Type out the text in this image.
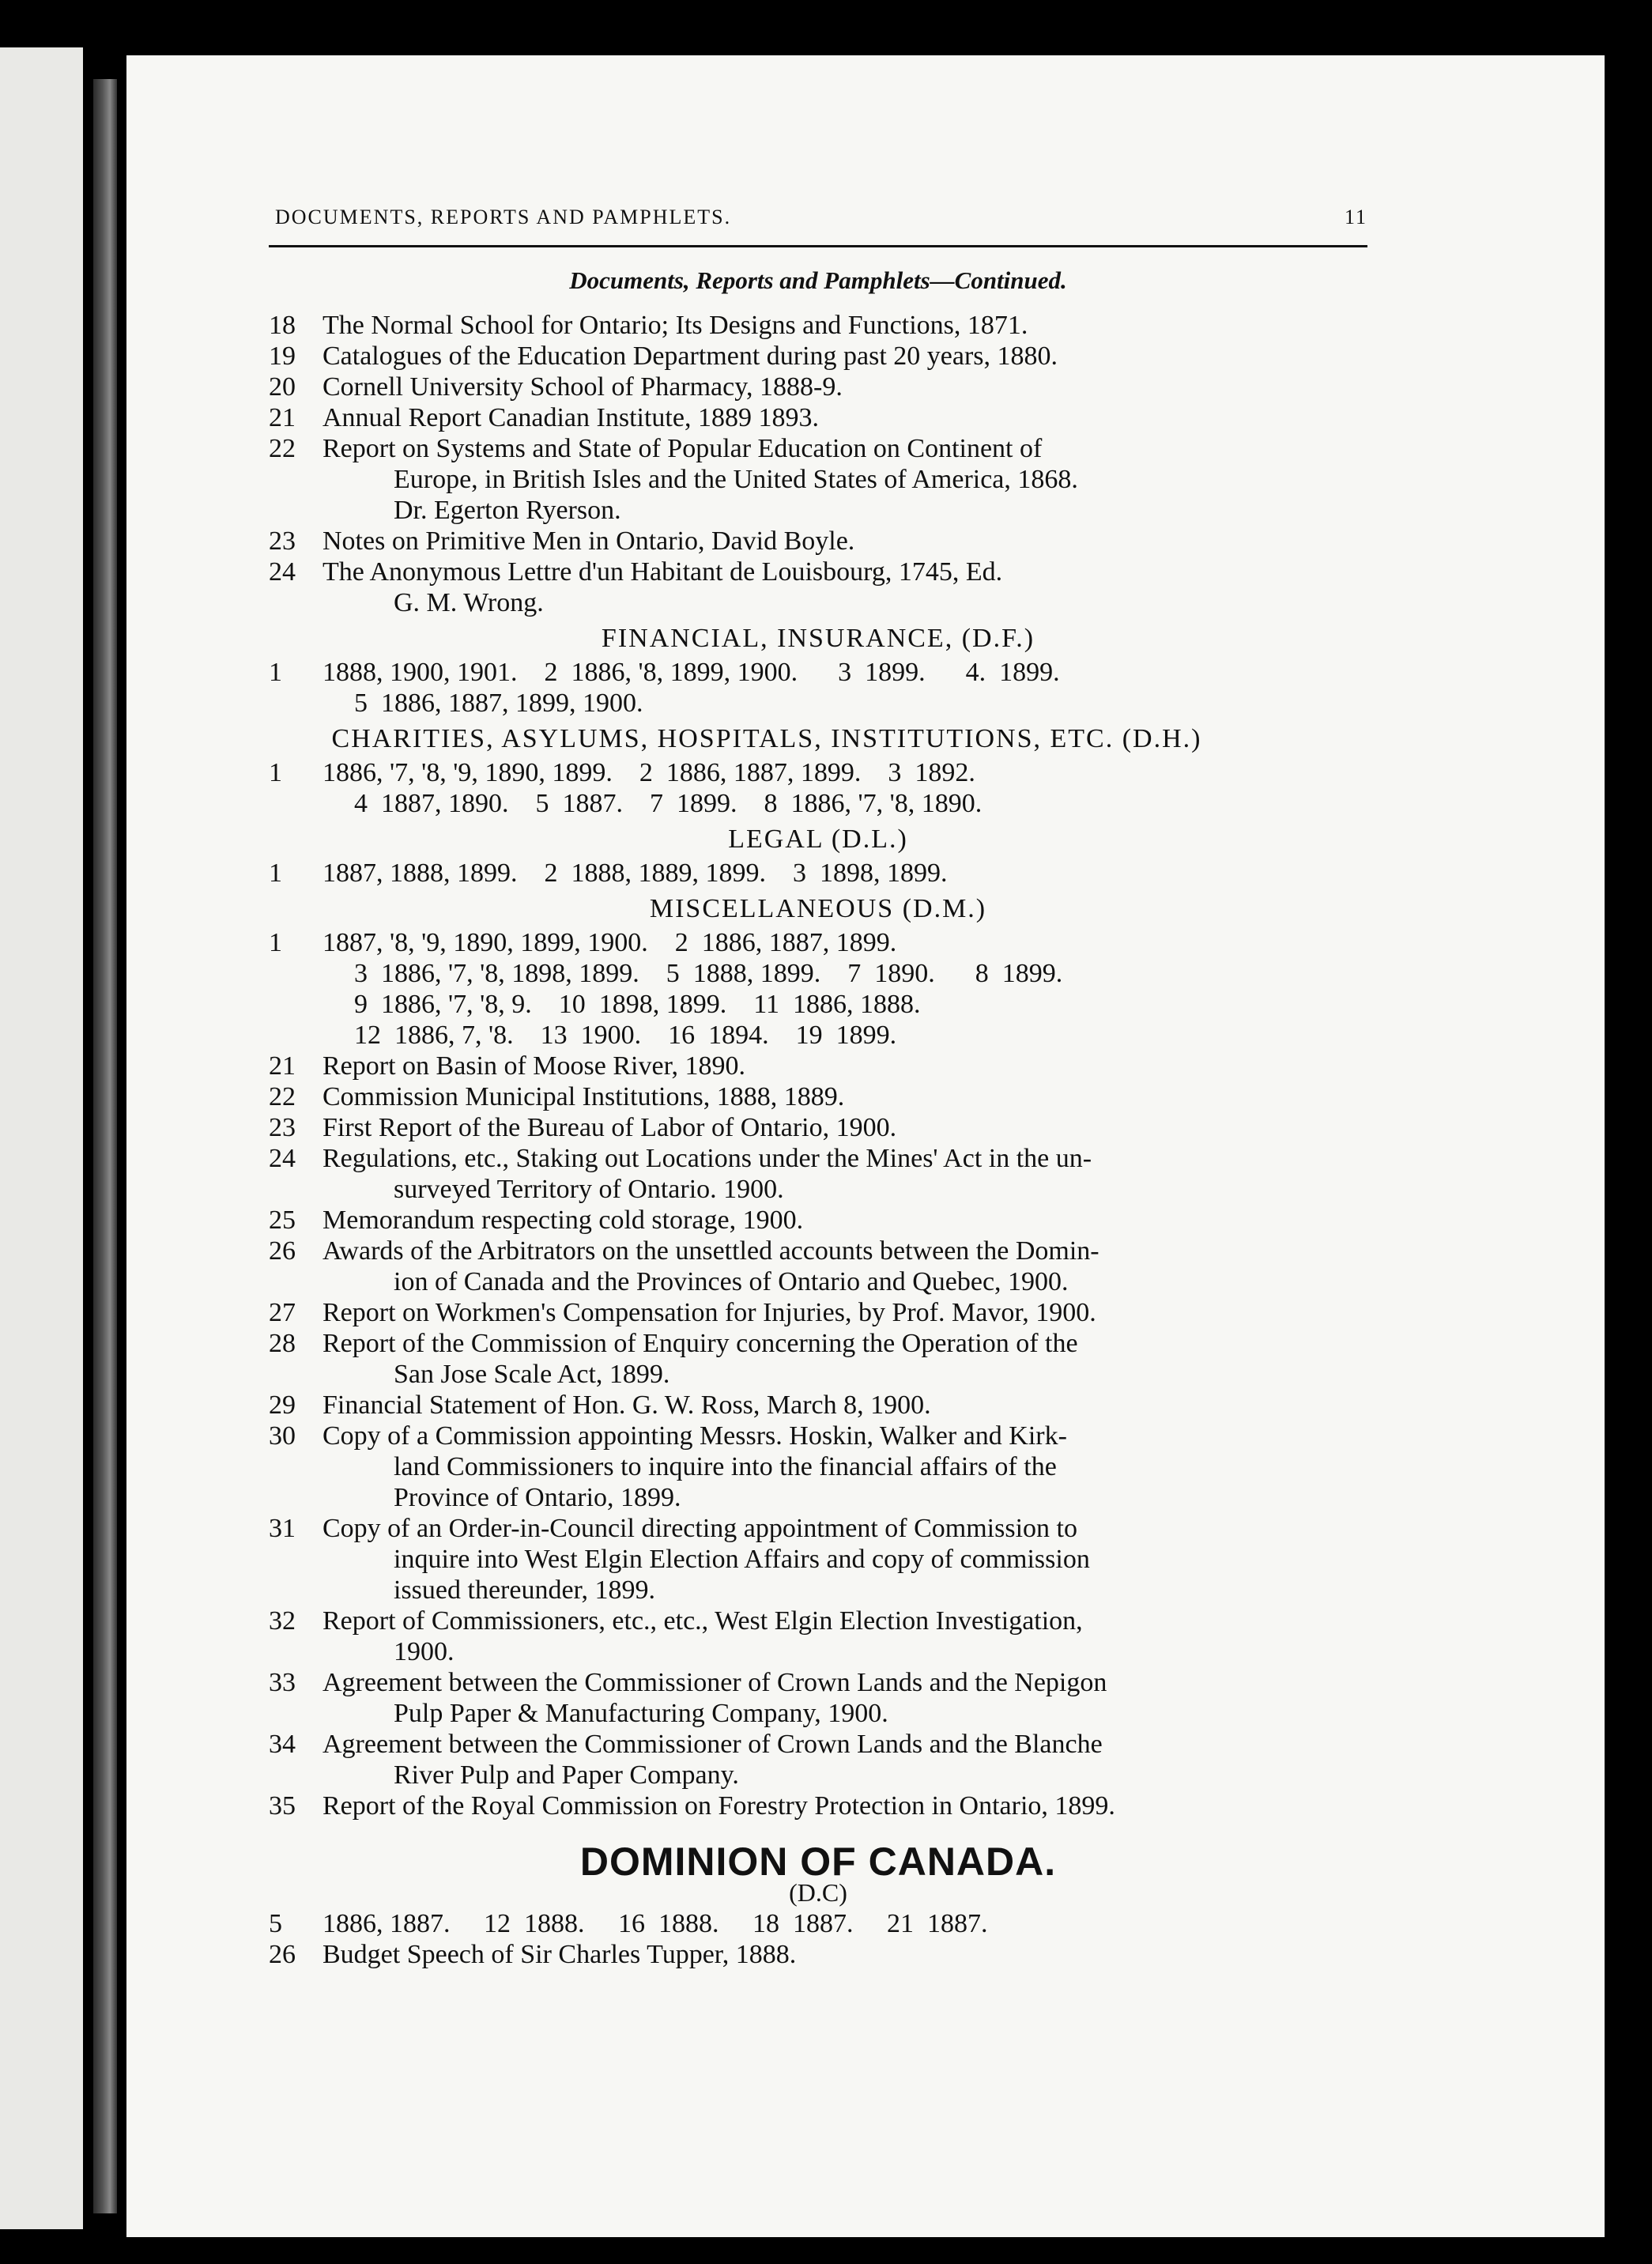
DOCUMENTS, REPORTS AND PAMPHLETS.	11
Documents, Reports and Pamphlets—Continued.
18	The Normal School for Ontario; Its Designs and Functions, 1871.
19	Catalogues of the Education Department during past 20 years, 1880.
20	Cornell University School of Pharmacy, 1888-9.
21	Annual Report Canadian Institute, 1889 1893.
22	Report on Systems and State of Popular Education on Continent of
Europe, in British Isles and the United States of America, 1868.
Dr. Egerton Ryerson.
23	Notes on Primitive Men in Ontario, David Boyle.
24	The Anonymous Lettre d'un Habitant de Louisbourg, 1745, Ed.
G. M. Wrong.
FINANCIAL, INSURANCE, (D.F.)
1	1888, 1900, 1901.    2  1886, '8, 1899, 1900.      3  1899.      4.  1899.
5  1886, 1887, 1899, 1900.
CHARITIES, ASYLUMS, HOSPITALS, INSTITUTIONS, ETC. (D.H.)
1	1886, '7, '8, '9, 1890, 1899.    2  1886, 1887, 1899.    3  1892.
4  1887, 1890.    5  1887.    7  1899.    8  1886, '7, '8, 1890.
LEGAL (D.L.)
1	1887, 1888, 1899.    2  1888, 1889, 1899.    3  1898, 1899.
MISCELLANEOUS (D.M.)
1	1887, '8, '9, 1890, 1899, 1900.    2  1886, 1887, 1899.
3  1886, '7, '8, 1898, 1899.    5  1888, 1899.    7  1890.      8  1899.
9  1886, '7, '8, 9.    10  1898, 1899.    11  1886, 1888.
12  1886, 7, '8.    13  1900.    16  1894.    19  1899.
21	Report on Basin of Moose River, 1890.
22	Commission Municipal Institutions, 1888, 1889.
23	First Report of the Bureau of Labor of Ontario, 1900.
24	Regulations, etc., Staking out Locations under the Mines' Act in the un-
surveyed Territory of Ontario. 1900.
25	Memorandum respecting cold storage, 1900.
26	Awards of the Arbitrators on the unsettled accounts between the Domin-
ion of Canada and the Provinces of Ontario and Quebec, 1900.
27	Report on Workmen's Compensation for Injuries, by Prof. Mavor, 1900.
28	Report of the Commission of Enquiry concerning the Operation of the
San Jose Scale Act, 1899.
29	Financial Statement of Hon. G. W. Ross, March 8, 1900.
30	Copy of a Commission appointing Messrs. Hoskin, Walker and Kirk-
land Commissioners to inquire into the financial affairs of the
Province of Ontario, 1899.
31	Copy of an Order-in-Council directing appointment of Commission to
inquire into West Elgin Election Affairs and copy of commission
issued thereunder, 1899.
32	Report of Commissioners, etc., etc., West Elgin Election Investigation,
1900.
33	Agreement between the Commissioner of Crown Lands and the Nepigon
Pulp Paper & Manufacturing Company, 1900.
34	Agreement between the Commissioner of Crown Lands and the Blanche
River Pulp and Paper Company.
35	Report of the Royal Commission on Forestry Protection in Ontario, 1899.
DOMINION OF CANADA.
(D.C)
5	1886, 1887.     12  1888.     16  1888.     18  1887.     21  1887.
26	Budget Speech of Sir Charles Tupper, 1888.
